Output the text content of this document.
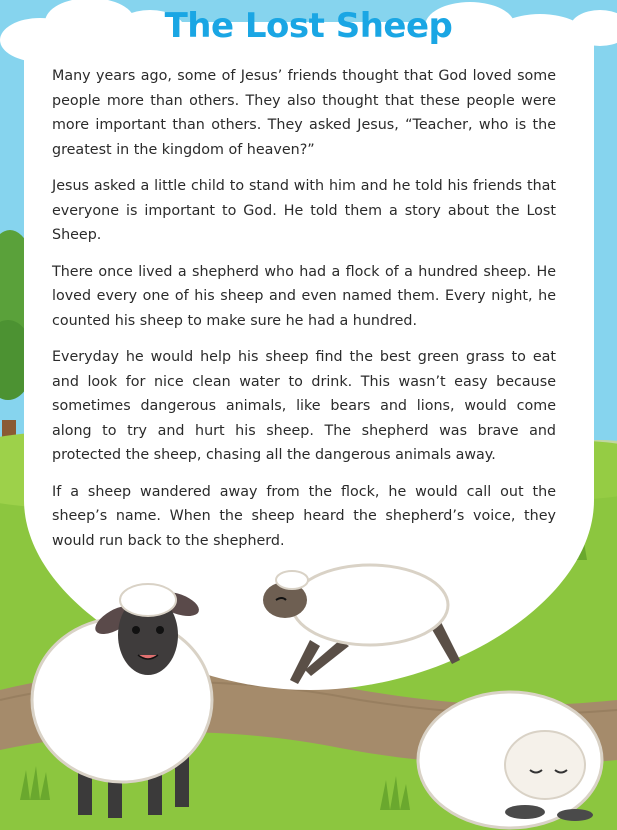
The Lost Sheep

Many years ago, some of Jesus’ friends thought that God loved some people more than others. They also thought that these people were more important than others. They asked Jesus, “Teacher, who is the greatest in the kingdom of heaven?”

Jesus asked a little child to stand with him and he told his friends that everyone is important to God. He told them a story about the Lost Sheep.

There once lived a shepherd who had a flock of a hundred sheep. He loved every one of his sheep and even named them. Every night, he counted his sheep to make sure he had a hundred.

Everyday he would help his sheep find the best green grass to eat and look for nice clean water to drink. This wasn’t easy because sometimes dangerous animals, like bears and lions, would come along to try and hurt his sheep. The shepherd was brave and protected the sheep, chasing all the dangerous animals away.

If a sheep wandered away from the flock, he would call out the sheep’s name. When the sheep heard the shepherd’s voice, they would run back to the shepherd.
